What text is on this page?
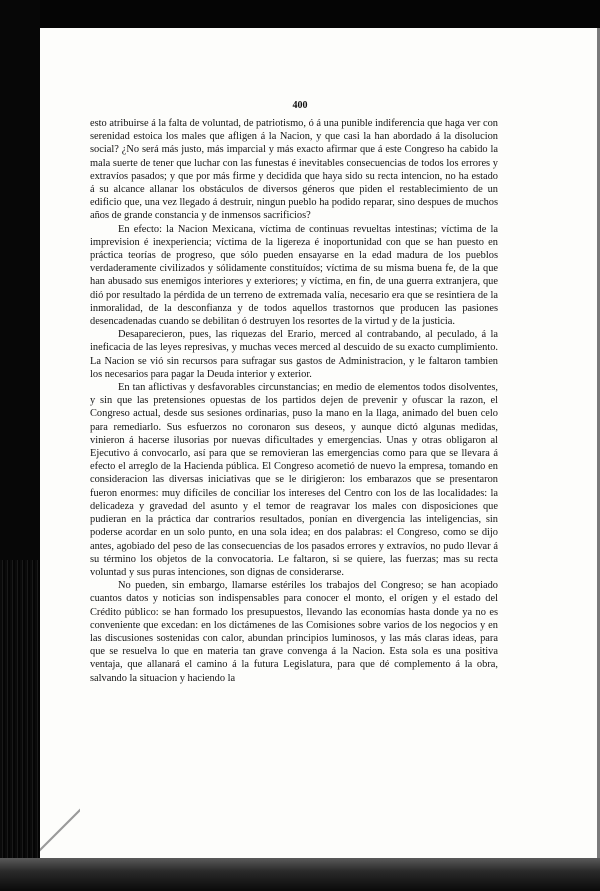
400

esto atribuirse á la falta de voluntad, de patriotismo, ó á una punible indiferencia que haga ver con serenidad estoica los males que afligen á la Nacion, y que casi la han abordado á la disolucion social? ¿No será más justo, más imparcial y más exacto afirmar que á este Congreso ha cabido la mala suerte de tener que luchar con las funestas é inevitables consecuencias de todos los errores y extravíos pasados; y que por más firme y decidida que haya sido su recta intencion, no ha estado á su alcance allanar los obstáculos de diversos géneros que piden el restablecimiento de un edificio que, una vez llegado á destruir, ningun pueblo ha podido reparar, sino despues de muchos años de grande constancia y de inmensos sacrificios?

En efecto: la Nacion Mexicana, víctima de continuas revueltas intestinas; víctima de la imprevision é inexperiencia; víctima de la ligereza é inoportunidad con que se han puesto en práctica teorías de progreso, que sólo pueden ensayarse en la edad madura de los pueblos verdaderamente civilizados y sólidamente constituídos; víctima de su misma buena fe, de la que han abusado sus enemigos interiores y exteriores; y víctima, en fin, de una guerra extranjera, que dió por resultado la pérdida de un terreno de extremada valía, necesario era que se resintiera de la inmoralidad, de la desconfianza y de todos aquellos trastornos que producen las pasiones desencadenadas cuando se debilitan ó destruyen los resortes de la virtud y de la justicia.

Desaparecieron, pues, las riquezas del Erario, merced al contrabando, al peculado, á la ineficacia de las leyes represivas, y muchas veces merced al descuido de su exacto cumplimiento. La Nacion se vió sin recursos para sufragar sus gastos de Administracion, y le faltaron tambien los necesarios para pagar la Deuda interior y exterior.

En tan aflictivas y desfavorables circunstancias; en medio de elementos todos disolventes, y sin que las pretensiones opuestas de los partidos dejen de prevenir y ofuscar la razon, el Congreso actual, desde sus sesiones ordinarias, puso la mano en la llaga, animado del buen celo para remediarlo. Sus esfuerzos no coronaron sus deseos, y aunque dictó algunas medidas, vinieron á hacerse ilusorias por nuevas dificultades y emergencias. Unas y otras obligaron al Ejecutivo á convocarlo, así para que se removieran las emergencias como para que se llevara á efecto el arreglo de la Hacienda pública. El Congreso acometió de nuevo la empresa, tomando en consideracion las diversas iniciativas que se le dirigieron: los embarazos que se presentaron fueron enormes: muy difíciles de conciliar los intereses del Centro con los de las localidades: la delicadeza y gravedad del asunto y el temor de reagravar los males con disposiciones que pudieran en la práctica dar contrarios resultados, ponían en divergencia las inteligencias, sin poderse acordar en un solo punto, en una sola idea; en dos palabras: el Congreso, como se dijo antes, agobiado del peso de las consecuencias de los pasados errores y extravíos, no pudo llevar á su término los objetos de la convocatoria. Le faltaron, si se quiere, las fuerzas; mas su recta voluntad y sus puras intenciones, son dignas de considerarse.

No pueden, sin embargo, llamarse estériles los trabajos del Congreso; se han acopiado cuantos datos y noticias son indispensables para conocer el monto, el orígen y el estado del Crédito público: se han formado los presupuestos, llevando las economías hasta donde ya no es conveniente que excedan: en los dictámenes de las Comisiones sobre varios de los negocios y en las discusiones sostenidas con calor, abundan principios luminosos, y las más claras ideas, para que se resuelva lo que en materia tan grave convenga á la Nacion. Esta sola es una positiva ventaja, que allanará el camino á la futura Legislatura, para que dé complemento á la obra, salvando la situacion y haciendo la
